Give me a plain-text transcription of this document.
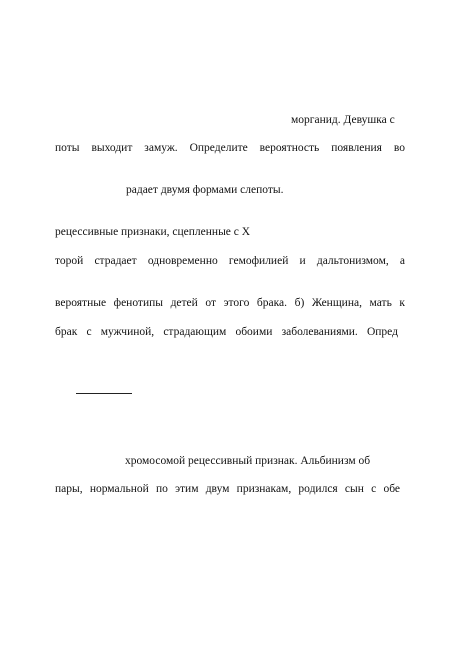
морганид. Девушка с

поты выходит замуж. Определите вероятность появления во

радает двумя формами слепоты.

рецессивные признаки, сцепленные с X

торой страдает одновременно гемофилией и дальтонизмом, а

вероятные фенотипы детей от этого брака. б) Женщина, мать к

брак с мужчиной, страдающим обоими заболеваниями. Опред

хромосомой рецессивный признак. Альбинизм об

пары, нормальной по этим двум признакам, родился сын с обе
